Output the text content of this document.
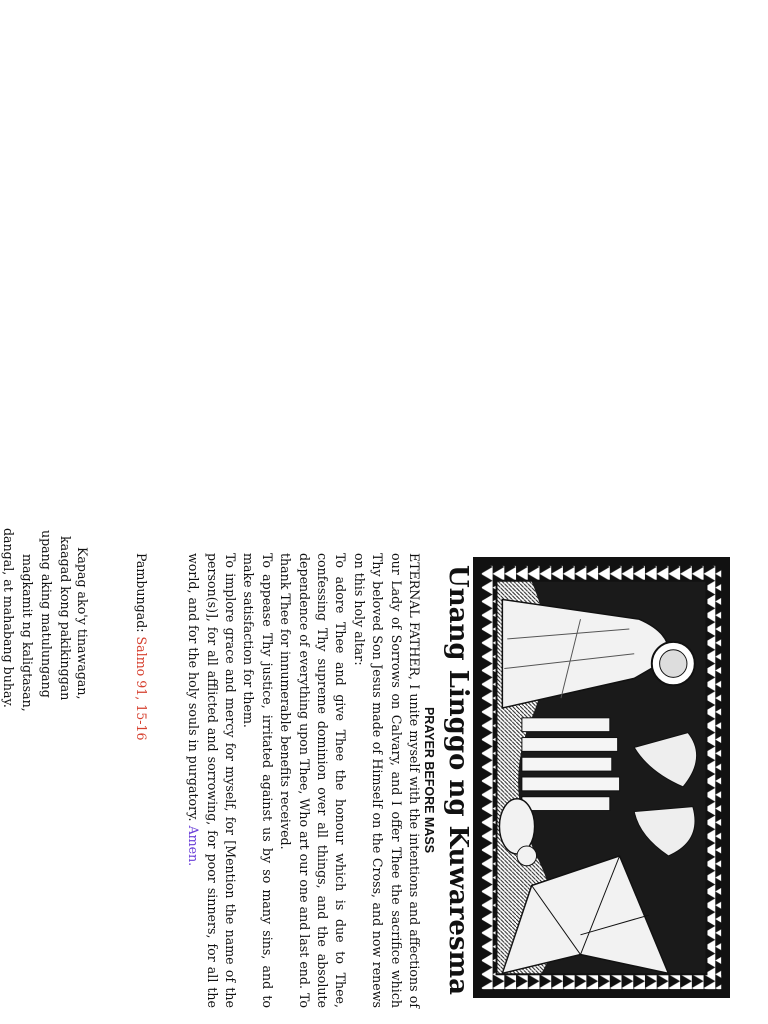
Unang Linggo ng Kuwaresma
PRAYER BEFORE MASS

ETERNAL FATHER, I unite myself with the intentions and affections of our Lady of Sorrows on Calvary, and I offer Thee the sacrifice which Thy beloved Son Jesus made of Himself on the Cross, and now renews on this holy altar:

To adore Thee and give Thee the honour which is due to Thee, confessing Thy supreme dominion over all things, and the absolute dependence of everything upon Thee, Who art our one and last end. To thank Thee for innumerable benefits received.

To appease Thy justice, irritated against us by so many sins, and to make satisfaction for them.

To implore grace and mercy for myself, for [Mention the name of the person(s)], for all afflicted and sorrowing, for poor sinners, for all the world, and for the holy souls in purgatory. Amen.

Pambungad: Salmo 91, 15-16
Kapag ako'y tinawagan,
kaagad kong pakikinggan
upang aking matulungang
magkamit ng kaligtasan,
dangal, at mahabang buhay.
